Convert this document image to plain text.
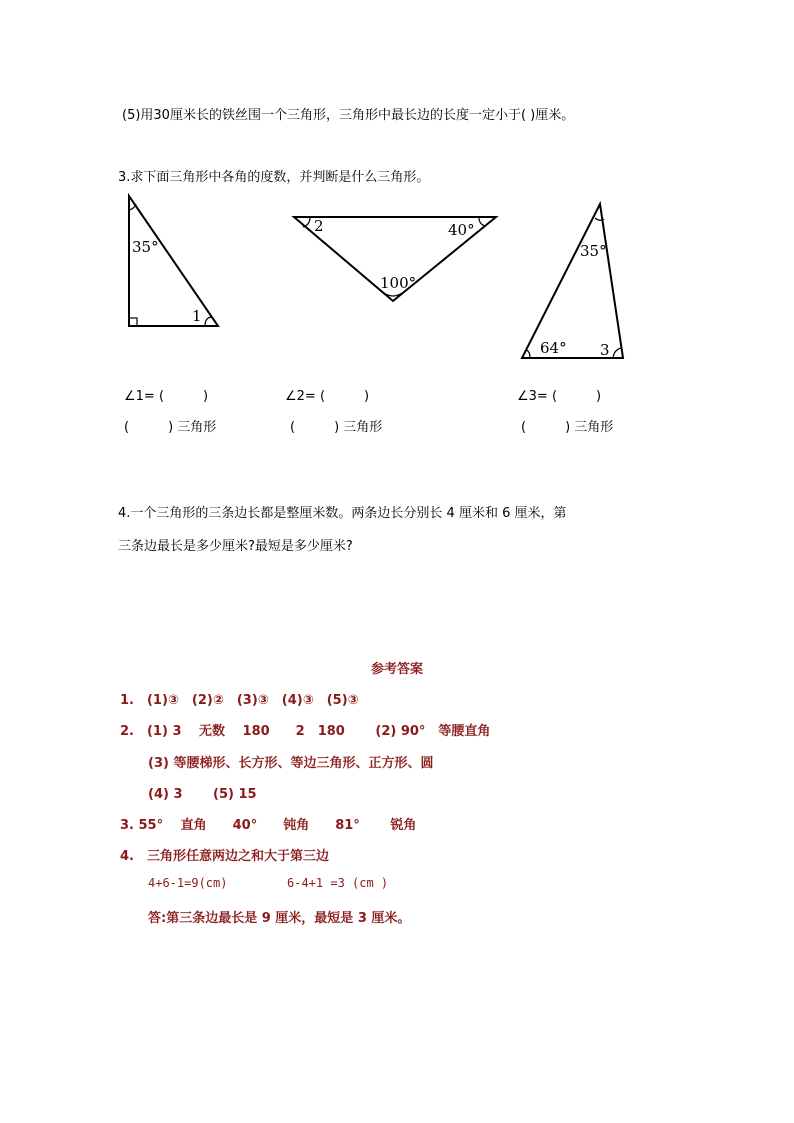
(5)用30厘米长的铁丝围一个三角形，三角形中最长边的长度一定小于( )厘米。
3.求下面三角形中各角的度数，并判断是什么三角形。
35°
1
2	40°
100°
35°
64° 3
∠1= (　　　)	∠2= (　　　)	∠3= (　　　)
(　　　) 三角形	(　　　) 三角形	(　　　) 三角形
4.一个三角形的三条边长都是整厘米数。两条边长分别长 4 厘米和 6 厘米，第
三条边最长是多少厘米?最短是多少厘米?
参考答案
1.　(1)③　(2)②　(3)③　(4)③　(5)③
2.　(1) 3　 无数　 180　　2　180　　 (2) 90°　等腰直角
(3) 等腰梯形、长方形、等边三角形、正方形、圆
(4) 3　　 (5) 15
3. 55°　 直角　　40°　　钝角　　81°　　 锐角
4.　三角形任意两边之和大于第三边
4+6-1=9(cm)	6-4+1 =3 (cm )
答:第三条边最长是 9 厘米，最短是 3 厘米。
